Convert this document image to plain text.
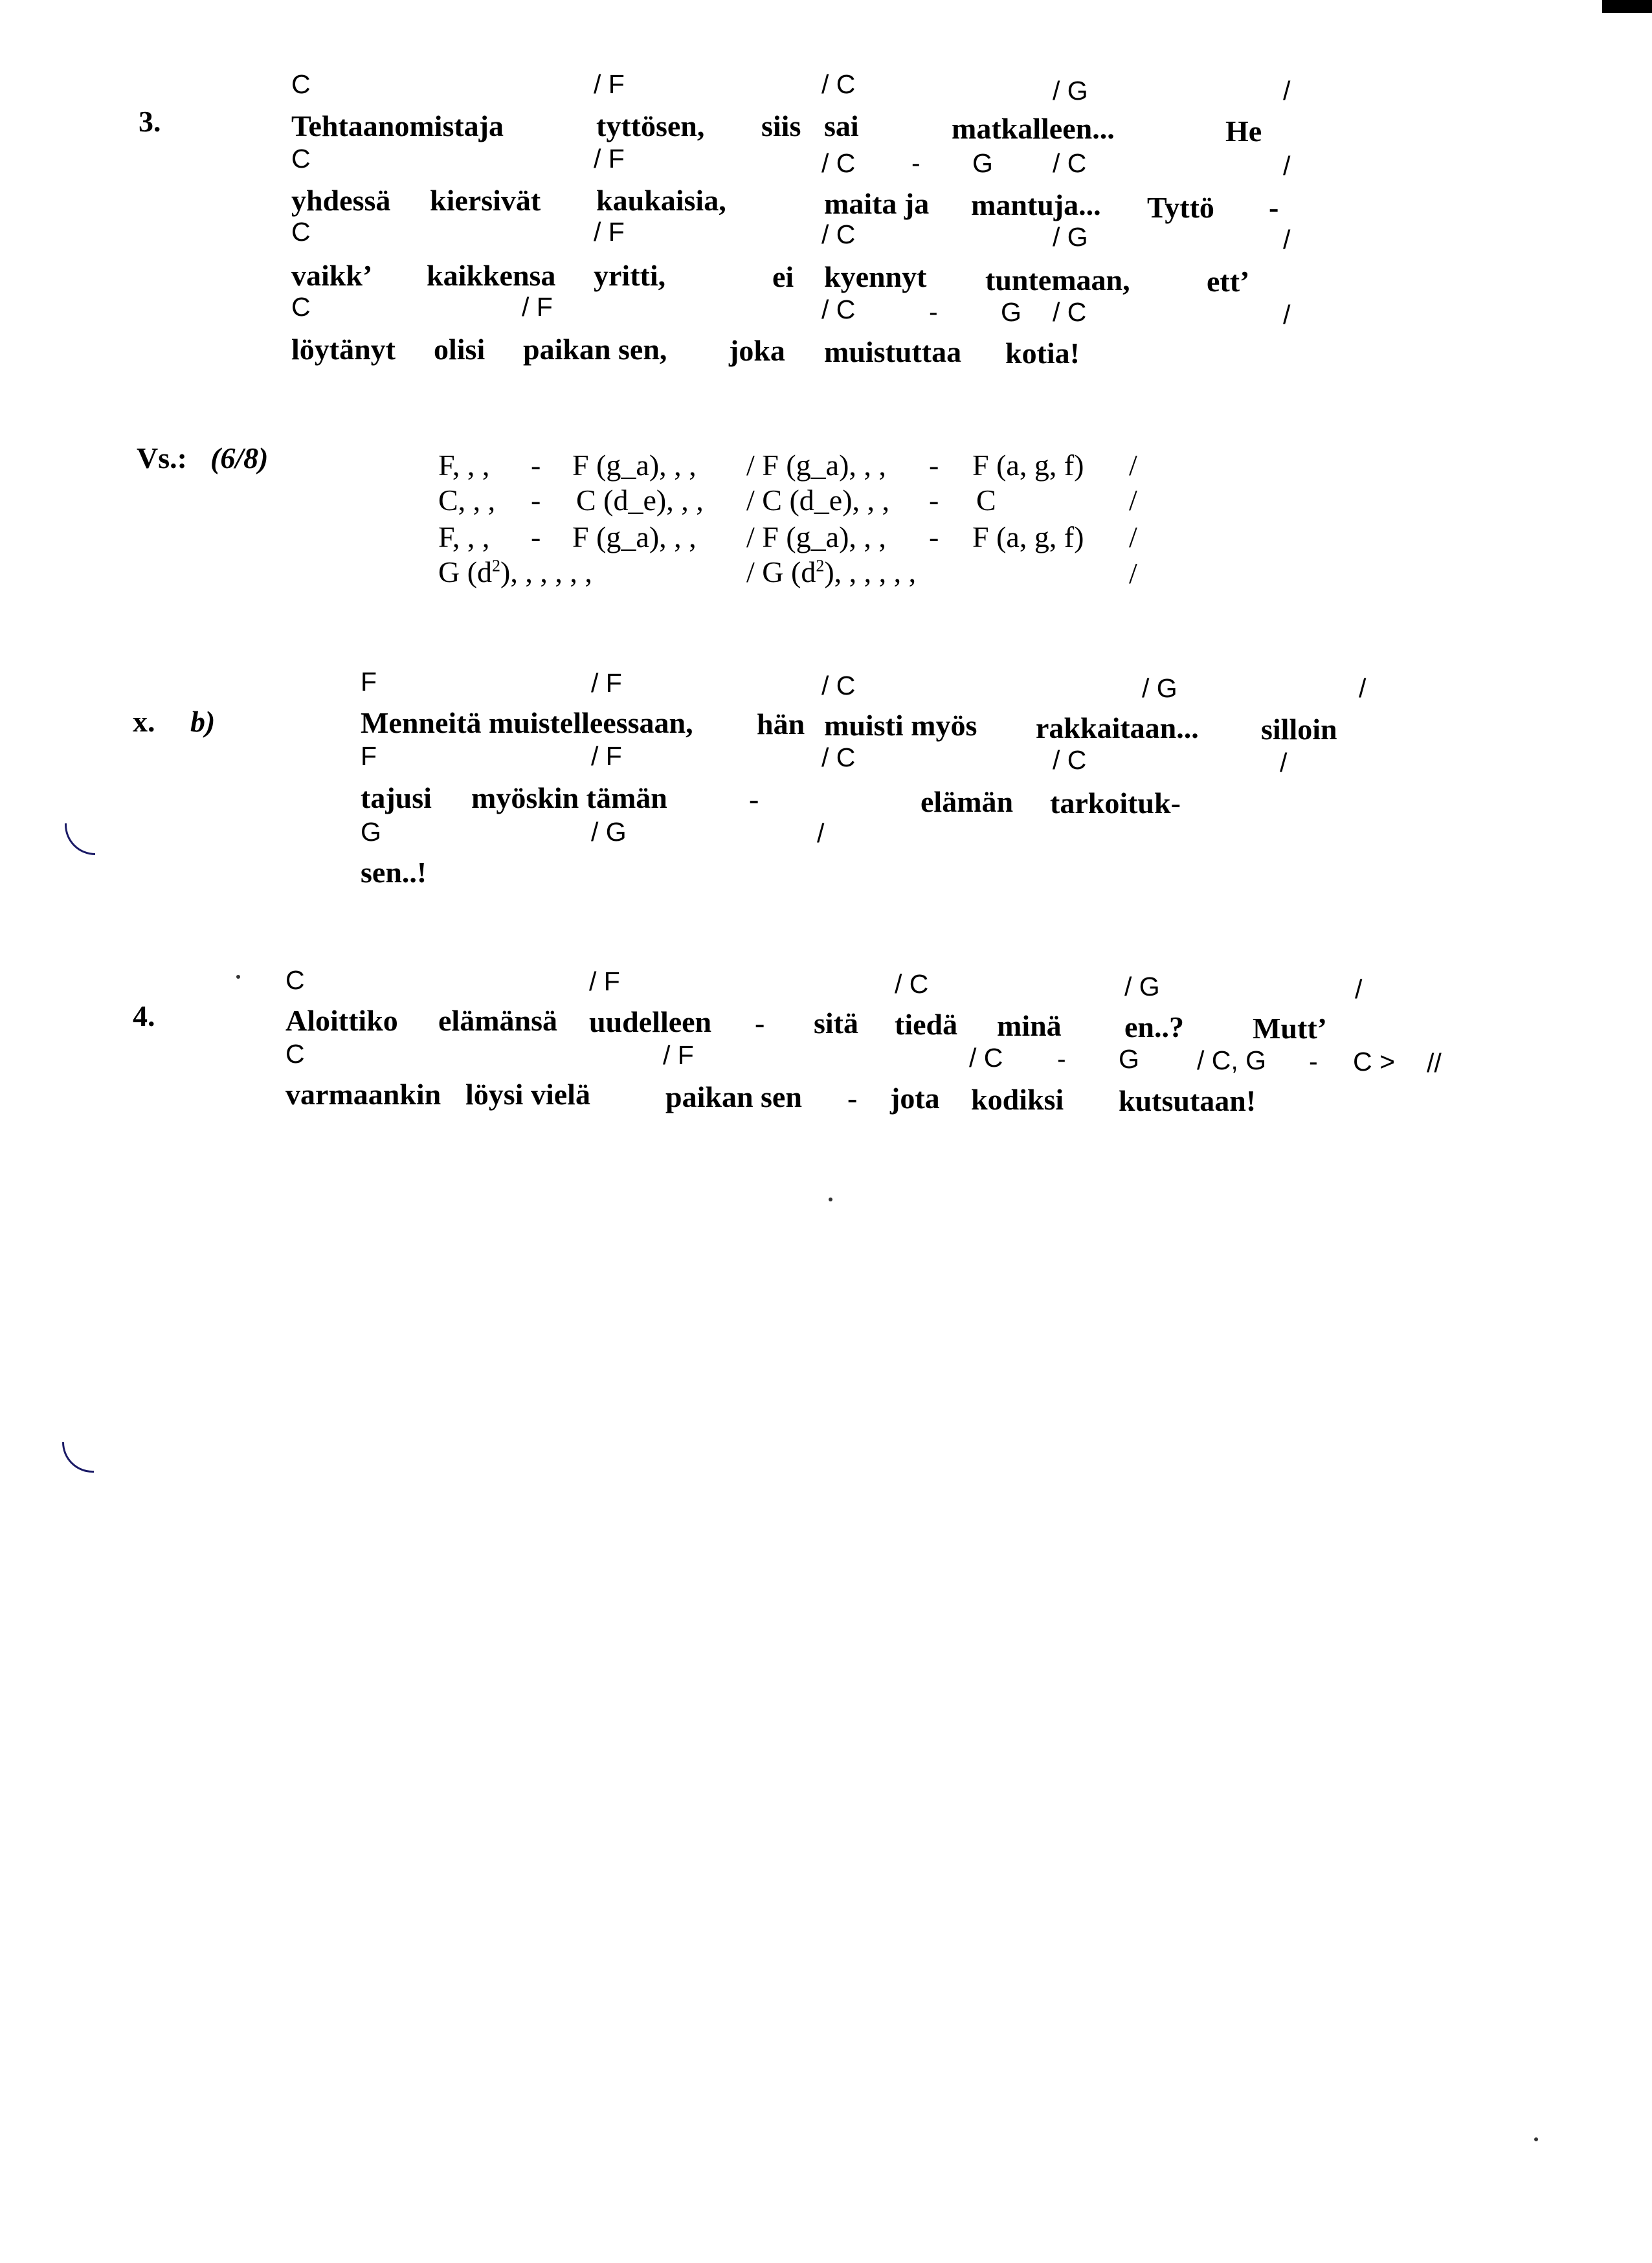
3.
C	/ F	/ C	/ G	/
Tehtaanomistaja	tyttösen, siis sai	matkalleen...	He
C	/ F	/ C - G / C	/
yhdessä kiersivät kaukaisia,	maita ja mantuja... Tyttö -
C	/ F	/ C	/ G	/
vaikk’ kaikkensa yritti,	ei kyennyt tuntemaan,	ett’
C	/ F	/ C	- G / C	/
löytänyt olisi paikan sen, joka muistuttaa kotia!
Vs.: (6/8)	F, , , - F (g_a), , , / F (g_a), , , - F (a, g, f) /
C, , , - C (d_e), , , / C (d_e), , , - C	/
F, , , - F (g_a), , , / F (g_a), , , - F (a, g, f) /
G $(d^2)$, , , , , ,	/ G $(d^2)$, , , , , ,	/
x. b)
F	/ F	/ C	/ G	/
Menneitä muistelleessaan, hän muisti myös rakkaitaan... silloin
F	/ F	/ C	/ C	/
tajusi myöskin tämän	-	elämän tarkoituk-
G	/ G	/
sen..!
4.
C	/ F	/ C	/ G	/
Aloittiko elämänsä uudelleen - sitä tiedä minä en..? Mutt’
C	/ F	/ C - G / C, G - C > //
varmaankin löysi vielä	paikan sen - jota kodiksi kutsutaan!
